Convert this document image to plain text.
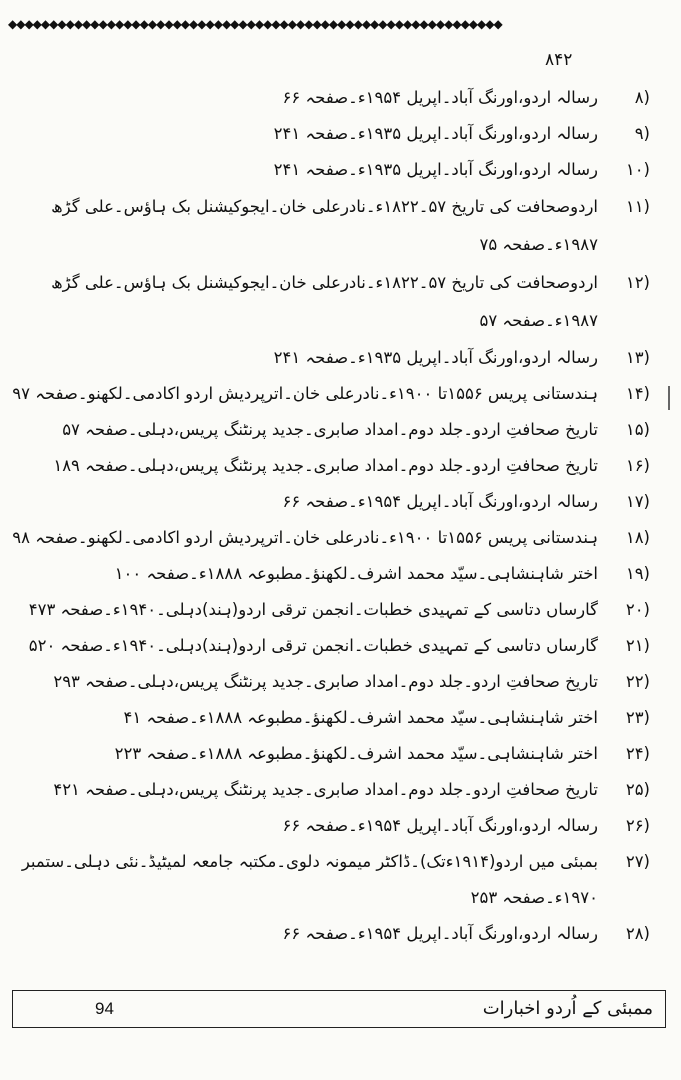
◆◆◆◆◆◆◆◆◆◆◆◆◆◆◆◆◆◆◆◆◆◆◆◆◆◆◆◆◆◆◆◆◆◆◆◆◆◆◆◆◆◆◆◆◆◆◆◆◆◆◆◆◆◆◆◆◆◆◆◆
۸۴۲
۸)
رسالہ اردو،اورنگ آباد۔اپریل ۱۹۵۴ء۔صفحہ ۶۶
۹)
رسالہ اردو،اورنگ آباد۔اپریل ۱۹۳۵ء۔صفحہ ۲۴۱
۱۰)
رسالہ اردو،اورنگ آباد۔اپریل ۱۹۳۵ء۔صفحہ ۲۴۱
۱۱)
اردوصحافت کی تاریخ ۵۷۔۱۸۲۲ء۔نادرعلی خان۔ایجوکیشنل بک ہاؤس۔علی گڑھ ۱۹۸۷ء۔صفحہ ۷۵
۱۲)
اردوصحافت کی تاریخ ۵۷۔۱۸۲۲ء۔نادرعلی خان۔ایجوکیشنل بک ہاؤس۔علی گڑھ ۱۹۸۷ء۔صفحہ ۵۷
۱۳)
رسالہ اردو،اورنگ آباد۔اپریل ۱۹۳۵ء۔صفحہ ۲۴۱
۱۴)
ہندستانی پریس ۱۵۵۶تا ۱۹۰۰ء۔نادرعلی خان۔اترپردیش اردو اکادمی۔لکھنو۔صفحہ ۹۷
۱۵)
تاریخ صحافتِ اردو۔جلد دوم۔امداد صابری۔جدید پرنٹنگ پریس،دہلی۔صفحہ ۵۷
۱۶)
تاریخ صحافتِ اردو۔جلد دوم۔امداد صابری۔جدید پرنٹنگ پریس،دہلی۔صفحہ ۱۸۹
۱۷)
رسالہ اردو،اورنگ آباد۔اپریل ۱۹۵۴ء۔صفحہ ۶۶
۱۸)
ہندستانی پریس ۱۵۵۶تا ۱۹۰۰ء۔نادرعلی خان۔اترپردیش اردو اکادمی۔لکھنو۔صفحہ ۹۸
۱۹)
اختر شاہنشاہی۔سیّد محمد اشرف۔لکھنؤ۔مطبوعہ ۱۸۸۸ء۔صفحہ ۱۰۰
۲۰)
گارساں دتاسی کے تمہیدی خطبات۔انجمن ترقی اردو(ہند)دہلی۔۱۹۴۰ء۔صفحہ ۴۷۳
۲۱)
گارساں دتاسی کے تمہیدی خطبات۔انجمن ترقی اردو(ہند)دہلی۔۱۹۴۰ء۔صفحہ ۵۲۰
۲۲)
تاریخ صحافتِ اردو۔جلد دوم۔امداد صابری۔جدید پرنٹنگ پریس،دہلی۔صفحہ ۲۹۳
۲۳)
اختر شاہنشاہی۔سیّد محمد اشرف۔لکھنؤ۔مطبوعہ ۱۸۸۸ء۔صفحہ ۴۱
۲۴)
اختر شاہنشاہی۔سیّد محمد اشرف۔لکھنؤ۔مطبوعہ ۱۸۸۸ء۔صفحہ ۲۲۳
۲۵)
تاریخ صحافتِ اردو۔جلد دوم۔امداد صابری۔جدید پرنٹنگ پریس،دہلی۔صفحہ ۴۲۱
۲۶)
رسالہ اردو،اورنگ آباد۔اپریل ۱۹۵۴ء۔صفحہ ۶۶
۲۷)
بمبئی میں اردو(۱۹۱۴ءتک)۔ڈاکٹر میمونہ دلوی۔مکتبہ جامعہ لمیٹیڈ۔نئی دہلی۔ستمبر ۱۹۷۰ء۔صفحہ ۲۵۳
۲۸)
رسالہ اردو،اورنگ آباد۔اپریل ۱۹۵۴ء۔صفحہ ۶۶
ممبئی کے اُردو اخبارات
94
